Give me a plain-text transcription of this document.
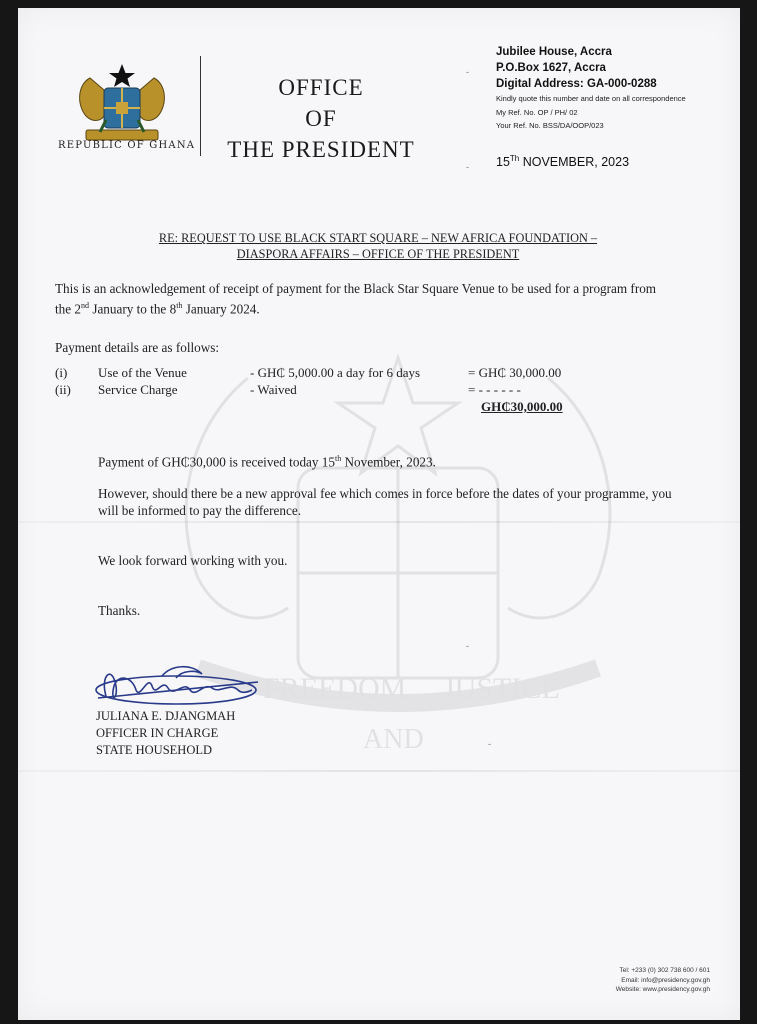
FREEDOM JUSTICE
AND
REPUBLIC OF GHANA
OFFICE
OF
THE PRESIDENT
Jubilee House, Accra
P.O.Box 1627, Accra
Digital Address: GA-000-0288
Kindly quote this number and date on all correspondence
My Ref. No. OP / PH/ 02
Your Ref. No. BSS/DA/OOP/023
15Th NOVEMBER, 2023
RE: REQUEST TO USE BLACK START SQUARE – NEW AFRICA FOUNDATION –
DIASPORA AFFAIRS – OFFICE OF THE PRESIDENT
This is an acknowledgement of receipt of payment for the Black Star Square Venue to be used for a program from the 2nd January to the 8th January 2024.
Payment details are as follows:
(i) Use of the Venue	- GH₵ 5,000.00 a day for 6 days	= GH₵ 30,000.00
(ii) Service Charge	- Waived	= - - - - - -
GH₵30,000.00
Payment of GH₵30,000 is received today 15th November, 2023.
However, should there be a new approval fee which comes in force before the dates of your programme, you will be informed to pay the difference.
We look forward working with you.
Thanks.
JULIANA E. DJANGMAH
OFFICER IN CHARGE
STATE HOUSEHOLD
Tel: +233 (0) 302 738 600 / 601
Email: info@presidency.gov.gh
Website: www.presidency.gov.gh
-
-
-
-
